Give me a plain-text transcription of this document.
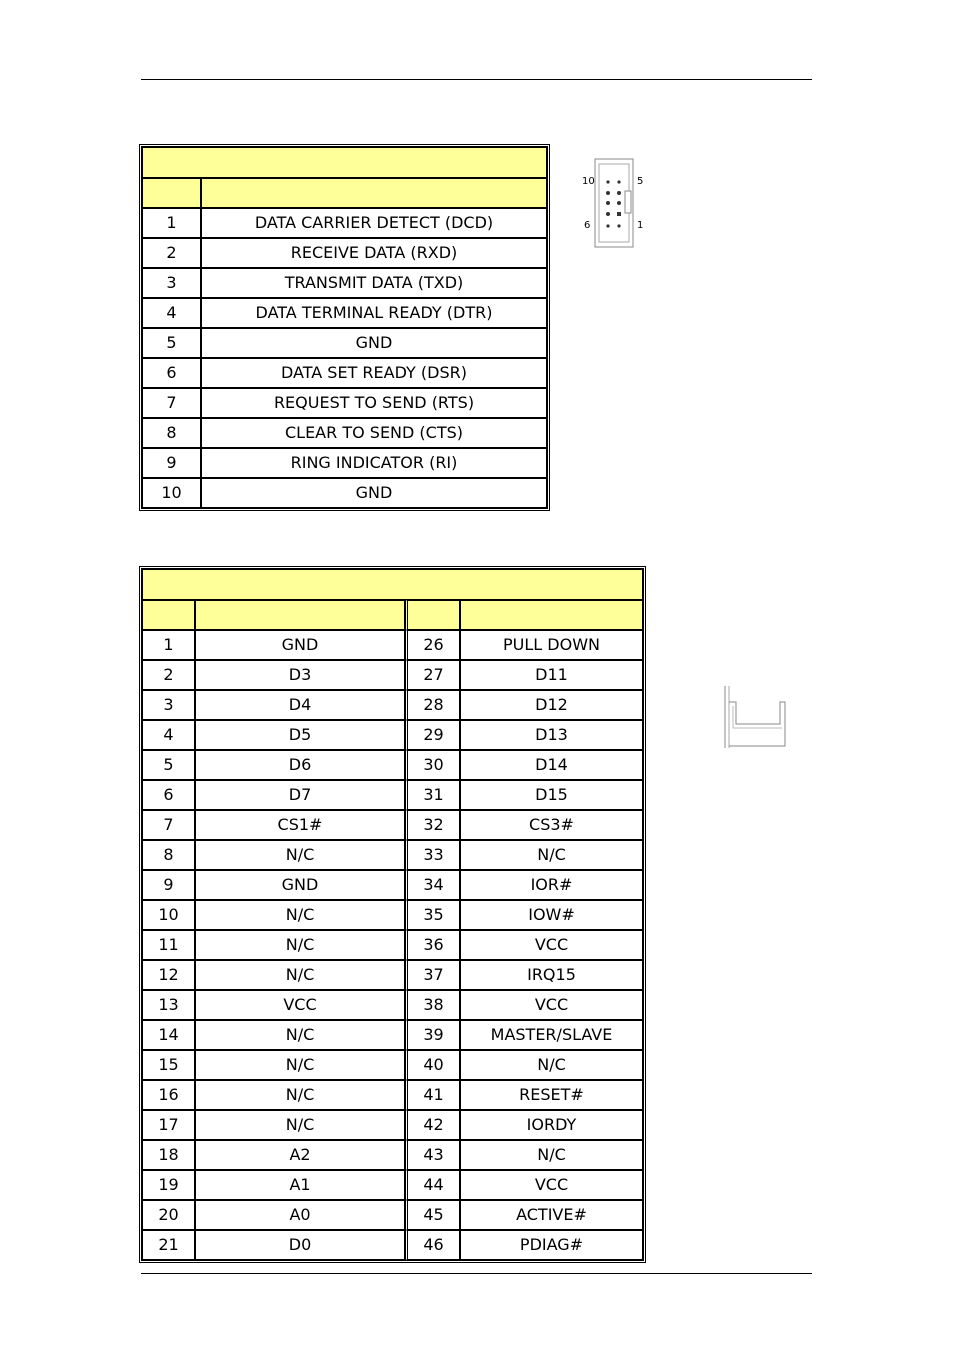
1	DATA CARRIER DETECT (DCD)
2	RECEIVE DATA (RXD)
3	TRANSMIT DATA (TXD)
4	DATA TERMINAL READY (DTR)
5	GND
6	DATA SET READY (DSR)
7	REQUEST TO SEND (RTS)
8	CLEAR TO SEND (CTS)
9	RING INDICATOR (RI)
10	GND
10	5
6	1

1	GND	26	PULL DOWN
2	D3	27	D11
3	D4	28	D12
4	D5	29	D13
5	D6	30	D14
6	D7	31	D15
7	CS1#	32	CS3#
8	N/C	33	N/C
9	GND	34	IOR#
10	N/C	35	IOW#
11	N/C	36	VCC
12	N/C	37	IRQ15
13	VCC	38	VCC
14	N/C	39	MASTER/SLAVE
15	N/C	40	N/C
16	N/C	41	RESET#
17	N/C	42	IORDY
18	A2	43	N/C
19	A1	44	VCC
20	A0	45	ACTIVE#
21	D0	46	PDIAG#
